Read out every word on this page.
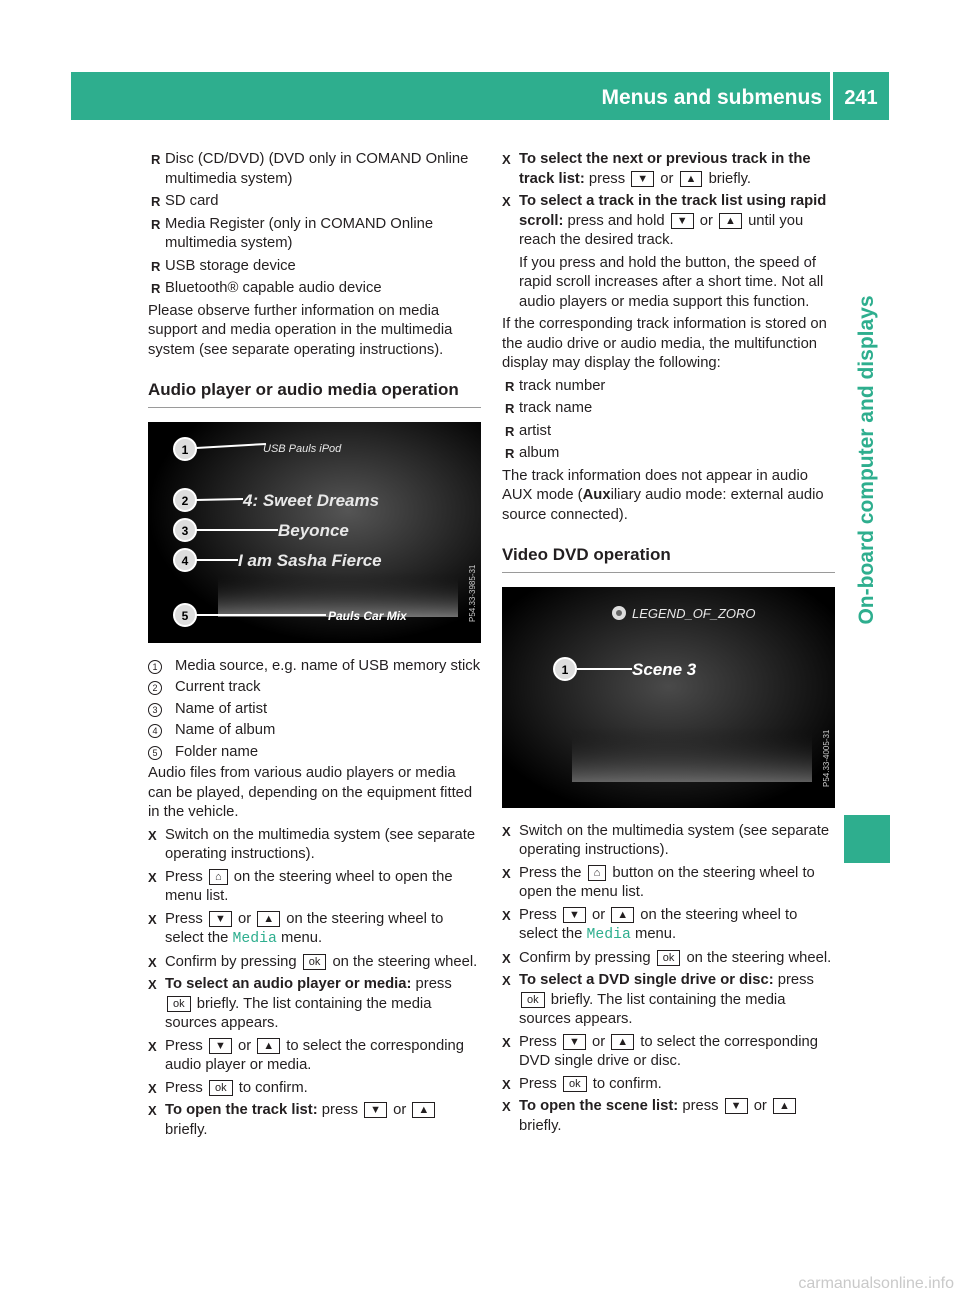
Menus and submenus	241
On-board computer and displays
R Disc (CD/DVD) (DVD only in COMAND Online multimedia system)
R SD card
R Media Register (only in COMAND Online multimedia system)
R USB storage device
R Bluetooth® capable audio device
Please observe further information on media support and media operation in the multimedia system (see separate operating instructions).
Audio player or audio media operation
1
2
3
4
5
USB Pauls iPod
4: Sweet Dreams
Beyonce
I am Sasha Fierce
Pauls Car Mix	P54.33-3985-31
1	Media source, e.g. name of USB memory stick
2	Current track
3	Name of artist
4	Name of album
5	Folder name
Audio files from various audio players or media can be played, depending on the equipment fitted in the vehicle.
X Switch on the multimedia system (see separate operating instructions).
X Press ⌂ on the steering wheel to open the menu list.
X Press ▼ or ▲ on the steering wheel to select the Media menu.
X Confirm by pressing ok on the steering wheel.
X To select an audio player or media: press ok briefly. The list containing the media sources appears.
X Press ▼ or ▲ to select the corresponding audio player or media.
X Press ok to confirm.
X To open the track list: press ▼ or ▲ briefly.
X To select the next or previous track in the track list: press ▼ or ▲ briefly.
X To select a track in the track list using rapid scroll: press and hold ▼ or ▲ until you reach the desired track.
If you press and hold the button, the speed of rapid scroll increases after a short time. Not all audio players or media support this function.
If the corresponding track information is stored on the audio drive or audio media, the multifunction display may display the following:
R track number
R track name
R artist
R album
The track information does not appear in audio AUX mode (Auxiliary audio mode: external audio source connected).
Video DVD operation
1
LEGEND_OF_ZORO
Scene 3
P54.33-4005-31
X Switch on the multimedia system (see separate operating instructions).
X Press the ⌂ button on the steering wheel to open the menu list.
X Press ▼ or ▲ on the steering wheel to select the Media menu.
X Confirm by pressing ok on the steering wheel.
X To select a DVD single drive or disc: press ok briefly. The list containing the media sources appears.
X Press ▼ or ▲ to select the corresponding DVD single drive or disc.
X Press ok to confirm.
X To open the scene list: press ▼ or ▲ briefly.
carmanualsonline.info
